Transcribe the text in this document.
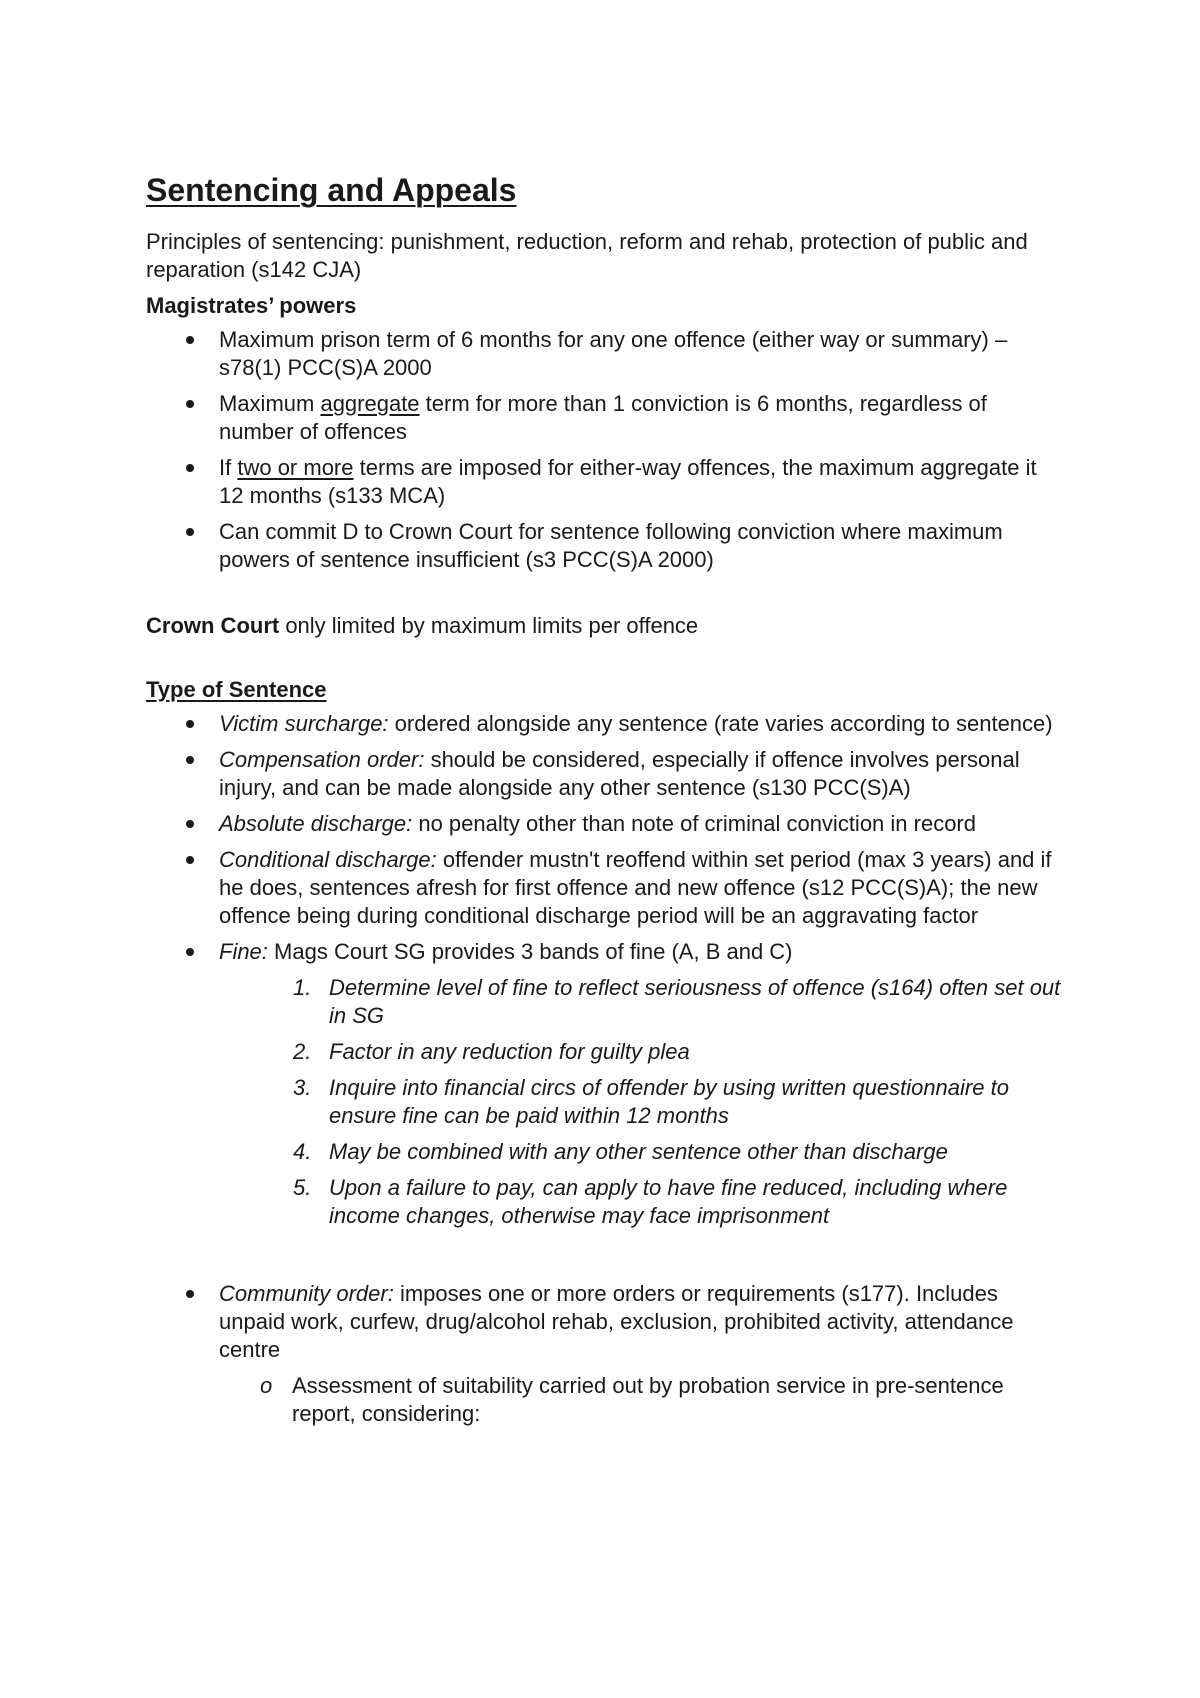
Sentencing and Appeals

Principles of sentencing: punishment, reduction, reform and rehab, protection of public and reparation (s142 CJA)

Magistrates’ powers

Maximum prison term of 6 months for any one offence (either way or summary) – s78(1) PCC(S)A 2000
Maximum aggregate term for more than 1 conviction is 6 months, regardless of number of offences
If two or more terms are imposed for either-way offences, the maximum aggregate it 12 months (s133 MCA)
Can commit D to Crown Court for sentence following conviction where maximum powers of sentence insufficient (s3 PCC(S)A 2000)

Crown Court only limited by maximum limits per offence

Type of Sentence

Victim surcharge: ordered alongside any sentence (rate varies according to sentence)
Compensation order: should be considered, especially if offence involves personal injury, and can be made alongside any other sentence (s130 PCC(S)A)
Absolute discharge: no penalty other than note of criminal conviction in record
Conditional discharge: offender mustn't reoffend within set period (max 3 years) and if he does, sentences afresh for first offence and new offence (s12 PCC(S)A); the new offence being during conditional discharge period will be an aggravating factor
Fine: Mags Court SG provides 3 bands of fine (A, B and C)
1. Determine level of fine to reflect seriousness of offence (s164) often set out in SG
2. Factor in any reduction for guilty plea
3. Inquire into financial circs of offender by using written questionnaire to ensure fine can be paid within 12 months
4. May be combined with any other sentence other than discharge
5. Upon a failure to pay, can apply to have fine reduced, including where income changes, otherwise may face imprisonment
Community order: imposes one or more orders or requirements (s177). Includes unpaid work, curfew, drug/alcohol rehab, exclusion, prohibited activity, attendance centre
o Assessment of suitability carried out by probation service in pre-sentence report, considering:
